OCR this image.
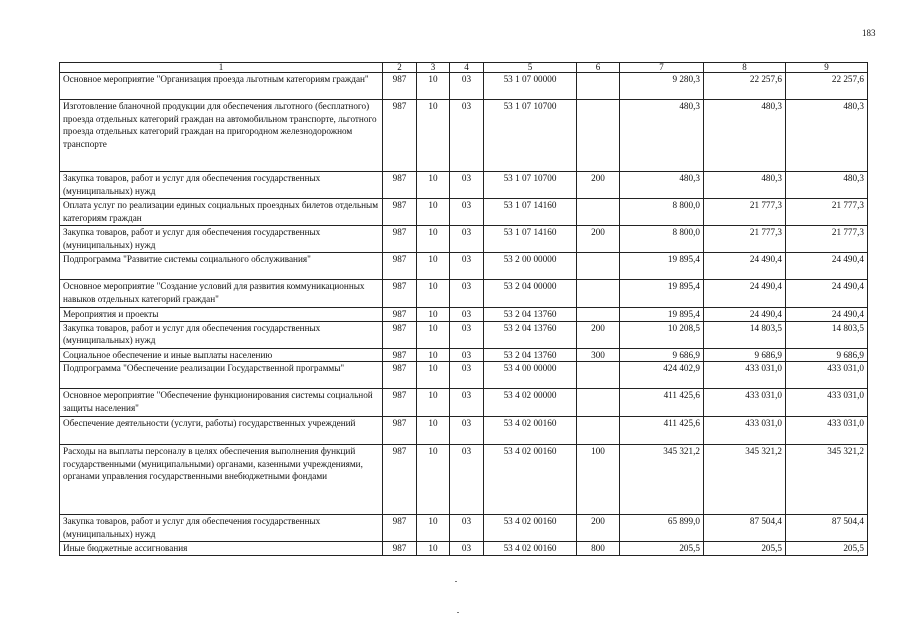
183
1	2	3	4	5	6	7	8	9
Основное мероприятие "Организация проезда льготным категориям граждан"	987	10	03	53 1 07 00000		9 280,3	22 257,6	22 257,6
Изготовление бланочной продукции для обеспечения льготного (бесплатного) проезда отдельных категорий граждан на автомобильном транспорте, льготного проезда отдельных категорий граждан на пригородном железнодорожном транспорте	987	10	03	53 1 07 10700		480,3	480,3	480,3
Закупка товаров, работ и услуг для обеспечения государственных (муниципальных) нужд	987	10	03	53 1 07 10700	200	480,3	480,3	480,3
Оплата услуг по реализации единых социальных проездных билетов отдельным категориям граждан	987	10	03	53 1 07 14160		8 800,0	21 777,3	21 777,3
Закупка товаров, работ и услуг для обеспечения государственных (муниципальных) нужд	987	10	03	53 1 07 14160	200	8 800,0	21 777,3	21 777,3
Подпрограмма "Развитие системы социального обслуживания"	987	10	03	53 2 00 00000		19 895,4	24 490,4	24 490,4
Основное мероприятие "Создание условий для развития коммуникационных навыков отдельных категорий граждан"	987	10	03	53 2 04 00000		19 895,4	24 490,4	24 490,4
Мероприятия и проекты	987	10	03	53 2 04 13760		19 895,4	24 490,4	24 490,4
Закупка товаров, работ и услуг для обеспечения государственных (муниципальных) нужд	987	10	03	53 2 04 13760	200	10 208,5	14 803,5	14 803,5
Социальное обеспечение и иные выплаты населению	987	10	03	53 2 04 13760	300	9 686,9	9 686,9	9 686,9
Подпрограмма "Обеспечение реализации Государственной программы"	987	10	03	53 4 00 00000		424 402,9	433 031,0	433 031,0
Основное мероприятие "Обеспечение функционирования системы социальной защиты населения"	987	10	03	53 4 02 00000		411 425,6	433 031,0	433 031,0
Обеспечение деятельности (услуги, работы) государственных учреждений	987	10	03	53 4 02 00160		411 425,6	433 031,0	433 031,0
Расходы на выплаты персоналу в целях обеспечения выполнения функций государственными (муниципальными) органами, казенными учреждениями, органами управления государственными внебюджетными фондами	987	10	03	53 4 02 00160	100	345 321,2	345 321,2	345 321,2
Закупка товаров, работ и услуг для обеспечения государственных (муниципальных) нужд	987	10	03	53 4 02 00160	200	65 899,0	87 504,4	87 504,4
Иные бюджетные ассигнования	987	10	03	53 4 02 00160	800	205,5	205,5	205,5
